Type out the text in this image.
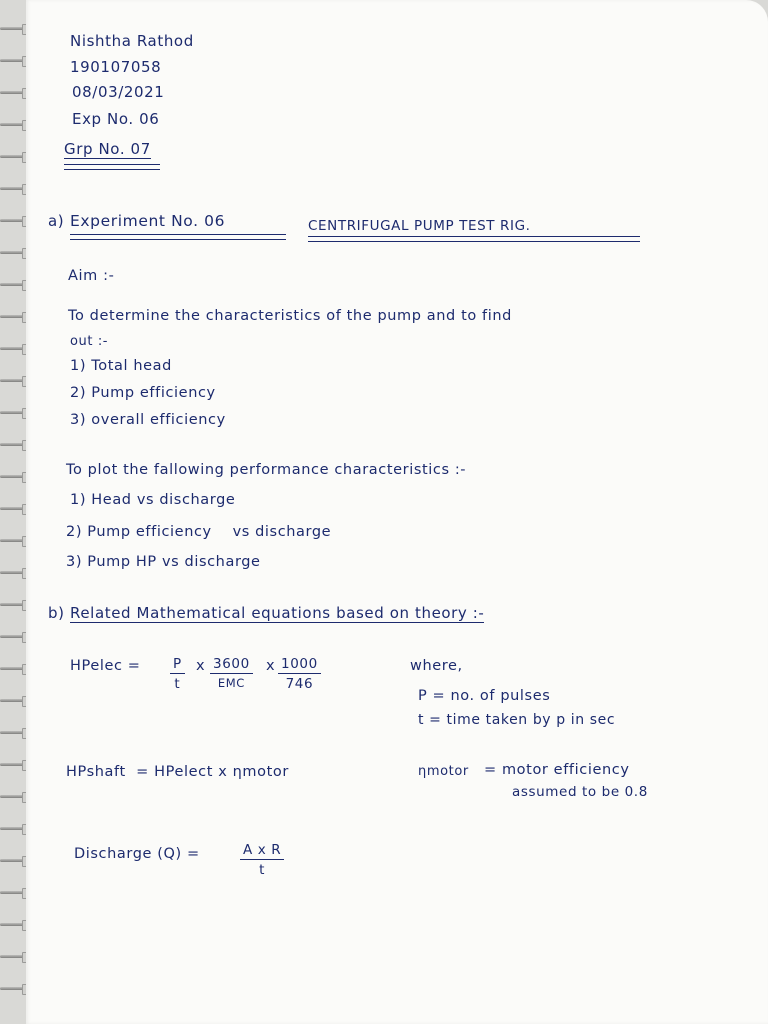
Nishtha Rathod
190107058
08/03/2021
Exp No. 06
Grp No. 07
a) Experiment No. 06	CENTRIFUGAL PUMP TEST RIG.
Aim :-
To determine the characteristics of the pump and to find
out :-
1) Total head
2) Pump efficiency
3) overall efficiency
To plot the fallowing performance characteristics :-
1) Head vs discharge
2) Pump efficiency    vs discharge
3) Pump HP vs discharge
b) Related Mathematical equations based on theory :-
HPelec = $\frac{P}{t}$ x 3600
EMC
x $\frac{1000}{746}$	where,
P = no. of pulses
t = time taken by p in sec
HPshaft  = HPelect x ηmotor	ηmotor = motor efficiency
assumed to be 0.8
Discharge (Q) =	$\frac{\text{A x R}}{t}$
